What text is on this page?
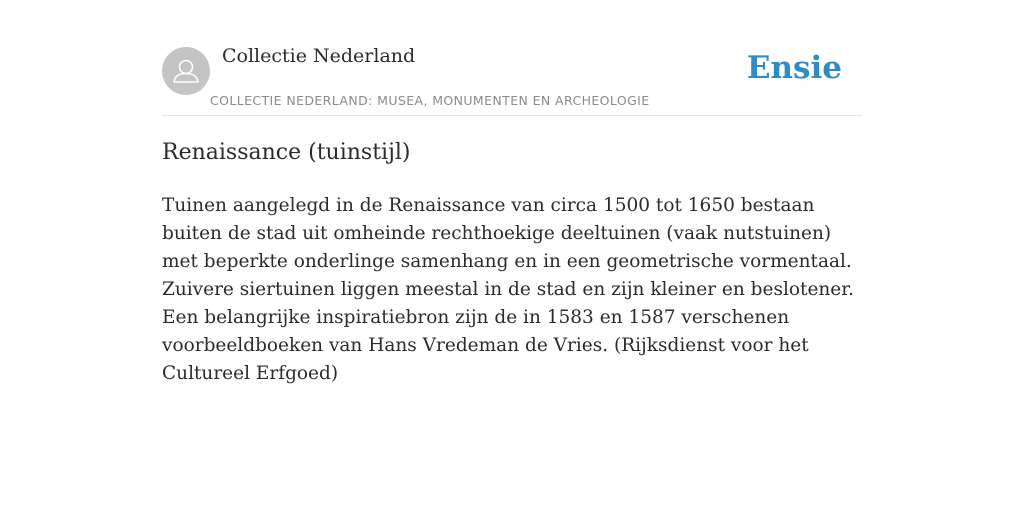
Collectie Nederland
COLLECTIE NEDERLAND: MUSEA, MONUMENTEN EN ARCHEOLOGIE
Ensie
Renaissance (tuinstijl)

Tuinen aangelegd in de Renaissance van circa 1500 tot 1650 bestaan buiten de stad uit omheinde rechthoekige deeltuinen (vaak nutstuinen) met beperkte onderlinge samenhang en in een geometrische vormentaal. Zuivere siertuinen liggen meestal in de stad en zijn kleiner en beslotener. Een belangrijke inspiratiebron zijn de in 1583 en 1587 verschenen voorbeeldboeken van Hans Vredeman de Vries. (Rijksdienst voor het Cultureel Erfgoed)
